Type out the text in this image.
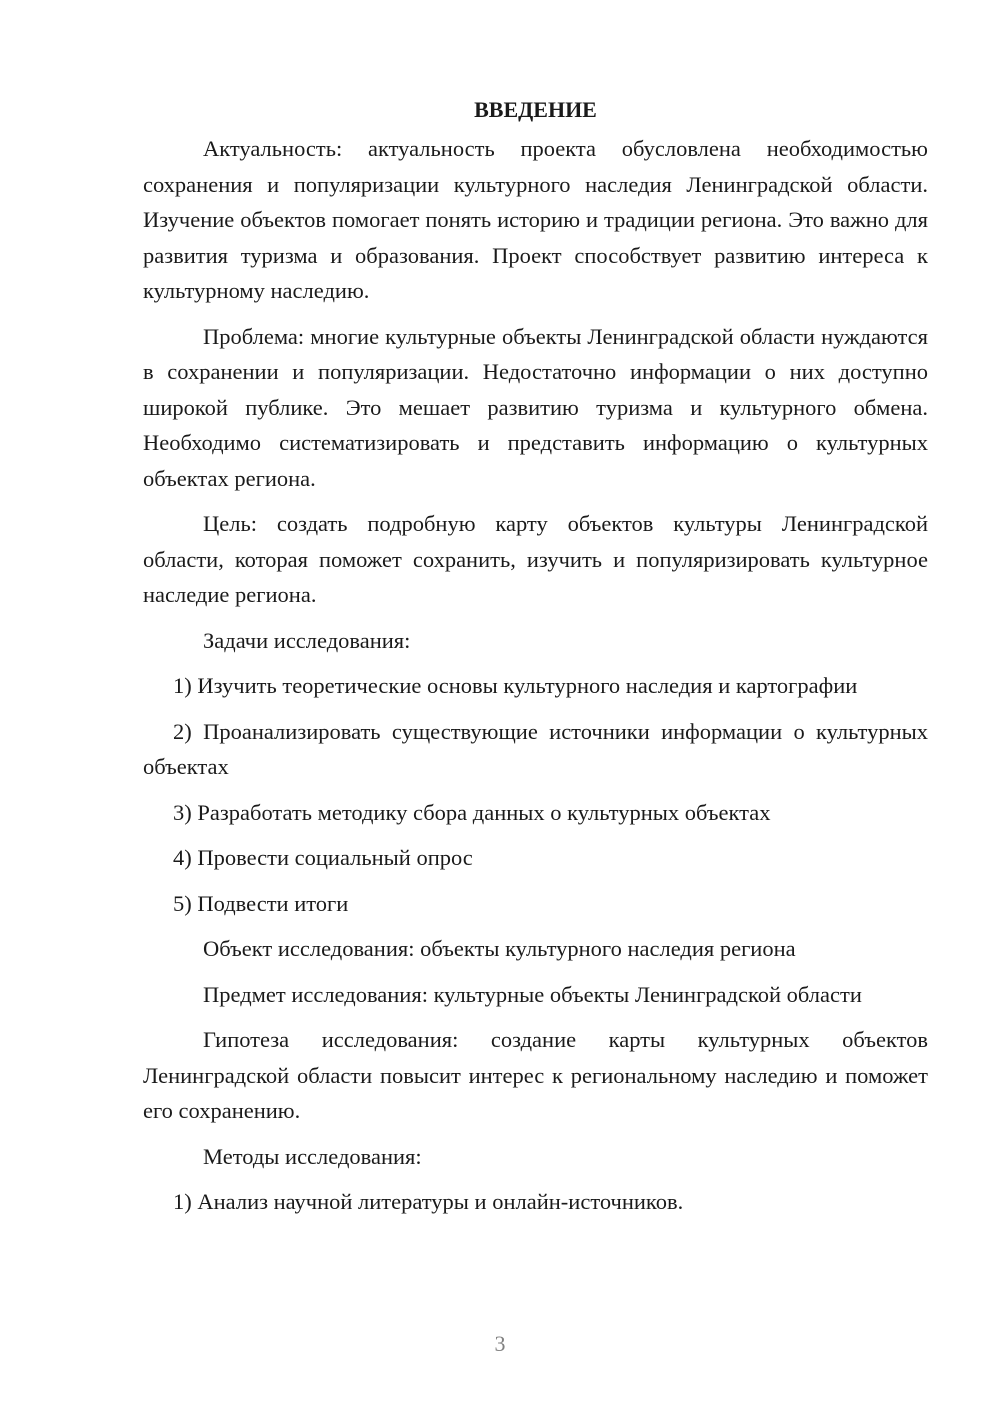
ВВЕДЕНИЕ

Актуальность: актуальность проекта обусловлена необходимостью сохранения и популяризации культурного наследия Ленинградской области. Изучение объектов помогает понять историю и традиции региона. Это важно для развития туризма и образования. Проект способствует развитию интереса к культурному наследию.

Проблема: многие культурные объекты Ленинградской области нуждаются в сохранении и популяризации. Недостаточно информации о них доступно широкой публике. Это мешает развитию туризма и культурного обмена. Необходимо систематизировать и представить информацию о культурных объектах региона.

Цель: создать подробную карту объектов культуры Ленинградской области, которая поможет сохранить, изучить и популяризировать культурное наследие региона.

Задачи исследования:

1) Изучить теоретические основы культурного наследия и картографии

2) Проанализировать существующие источники информации о культурных объектах

3) Разработать методику сбора данных о культурных объектах

4) Провести социальный опрос

5) Подвести итоги

Объект исследования: объекты культурного наследия региона

Предмет исследования: культурные объекты Ленинградской области

Гипотеза исследования: создание карты культурных объектов Ленинградской области повысит интерес к региональному наследию и поможет его сохранению.

Методы исследования:

1) Анализ научной литературы и онлайн-источников.

3
